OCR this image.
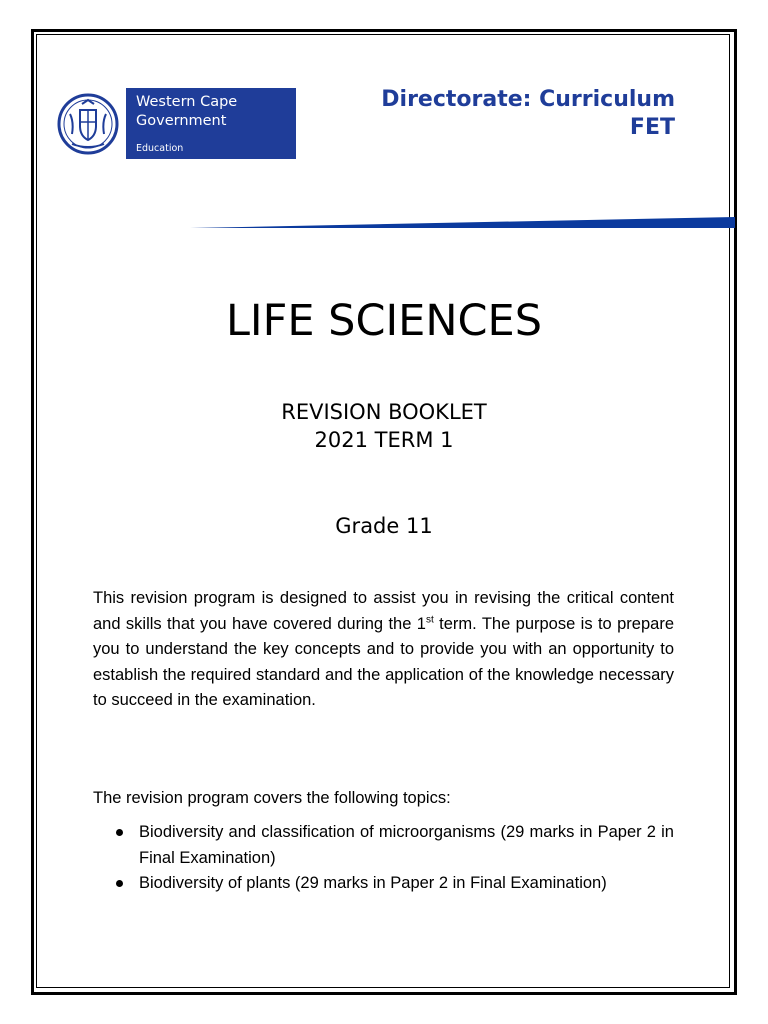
Western Cape
Government
Education
Directorate: Curriculum
FET
LIFE SCIENCES
REVISION BOOKLET
2021 TERM 1
Grade 11
This revision program is designed to assist you in revising the critical content and skills that you have covered during the 1st term. The purpose is to prepare you to understand the key concepts and to provide you with an opportunity to establish the required standard and the application of the knowledge necessary to succeed in the examination.
The revision program covers the following topics:
Biodiversity and classification of microorganisms (29 marks in Paper 2 in Final Examination)
Biodiversity of plants (29 marks in Paper 2 in Final Examination)
